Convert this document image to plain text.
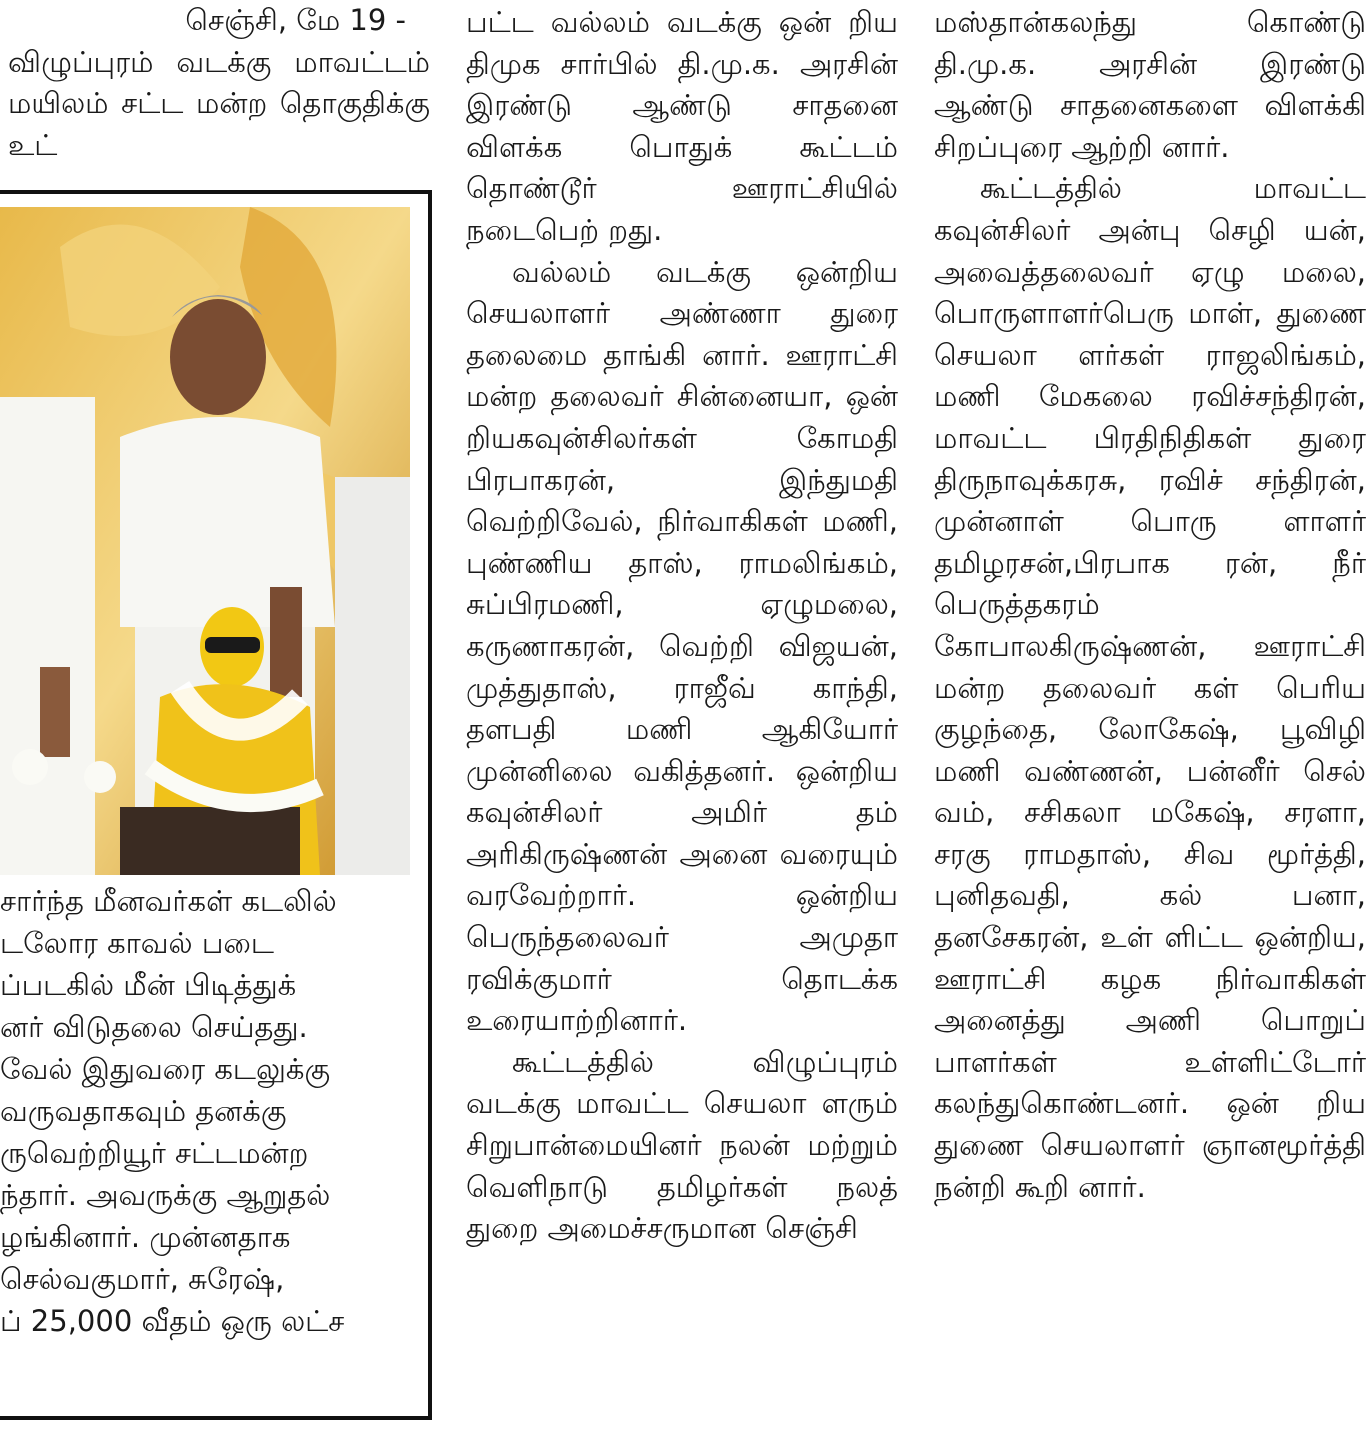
செஞ்சி, மே 19 -

விழுப்புரம் வடக்கு மாவட்டம் மயிலம் சட்ட மன்ற தொகுதிக்கு உட்

சார்ந்த மீனவர்கள் கடலில்
டலோர காவல் படை
ப்படகில் மீன் பிடித்துக்
னர் விடுதலை செய்தது.
வேல் இதுவரை கடலுக்கு
வருவதாகவும் தனக்கு
ருவெற்றியூர் சட்டமன்ற
ந்தார். அவருக்கு ஆறுதல்
ழங்கினார். முன்னதாக
செல்வகுமார், சுரேஷ்,
ப் 25,000 வீதம் ஒரு லட்ச

பட்ட வல்லம் வடக்கு ஒன் றிய திமுக சார்பில் தி.மு.க. அரசின் இரண்டு ஆண்டு சாதனை விளக்க பொதுக் கூட்டம் தொண்டூர் ஊராட்சியில் நடைபெற் றது.

வல்லம் வடக்கு ஒன்றிய செயலாளர் அண்ணா துரை தலைமை தாங்கி னார். ஊராட்சி மன்ற தலைவர் சின்னையா, ஒன் றியகவுன்சிலர்கள் கோமதி பிரபாகரன், இந்துமதி வெற்றிவேல், நிர்வாகிகள் மணி, புண்ணிய தாஸ், ராமலிங்கம், சுப்பிரமணி, ஏழுமலை, கருணாகரன், வெற்றி விஜயன், முத்துதாஸ், ராஜீவ் காந்தி, தளபதி மணி ஆகியோர் முன்னிலை வகித்தனர். ஒன்றிய கவுன்சிலர் அமிர் தம் அரிகிருஷ்ணன் அனை வரையும் வரவேற்றார். ஒன்றிய பெருந்தலைவர் அமுதா ரவிக்குமார் தொடக்க உரையாற்றினார்.

கூட்டத்தில் விழுப்புரம் வடக்கு மாவட்ட செயலா ளரும் சிறுபான்மையினர் நலன் மற்றும் வெளிநாடு தமிழர்கள் நலத் துறை அமைச்சருமான செஞ்சி

மஸ்தான்கலந்து கொண்டு தி.மு.க. அரசின் இரண்டு ஆண்டு சாதனைகளை விளக்கி சிறப்புரை ஆற்றி னார்.

கூட்டத்தில் மாவட்ட கவுன்சிலர் அன்பு செழி யன், அவைத்தலைவர் ஏழு மலை, பொருளாளர்பெரு மாள், துணை செயலா ளர்கள் ராஜலிங்கம், மணி மேகலை ரவிச்சந்திரன், மாவட்ட பிரதிநிதிகள் துரை திருநாவுக்கரசு, ரவிச் சந்திரன், முன்னாள் பொரு ளாளர் தமிழரசன்,பிரபாக ரன், நீர் பெருத்தகரம் கோபாலகிருஷ்ணன், ஊராட்சி மன்ற தலைவர் கள் பெரிய குழந்தை, லோகேஷ், பூவிழி மணி வண்ணன், பன்னீர் செல் வம், சசிகலா மகேஷ், சரளா, சரகு ராமதாஸ், சிவ மூர்த்தி, புனிதவதி, கல் பனா, தனசேகரன், உள் ளிட்ட ஒன்றிய, ஊராட்சி கழக நிர்வாகிகள் அனைத்து அணி பொறுப் பாளர்கள் உள்ளிட்டோர் கலந்துகொண்டனர். ஒன் றிய துணை செயலாளர் ஞானமூர்த்தி நன்றி கூறி னார்.
